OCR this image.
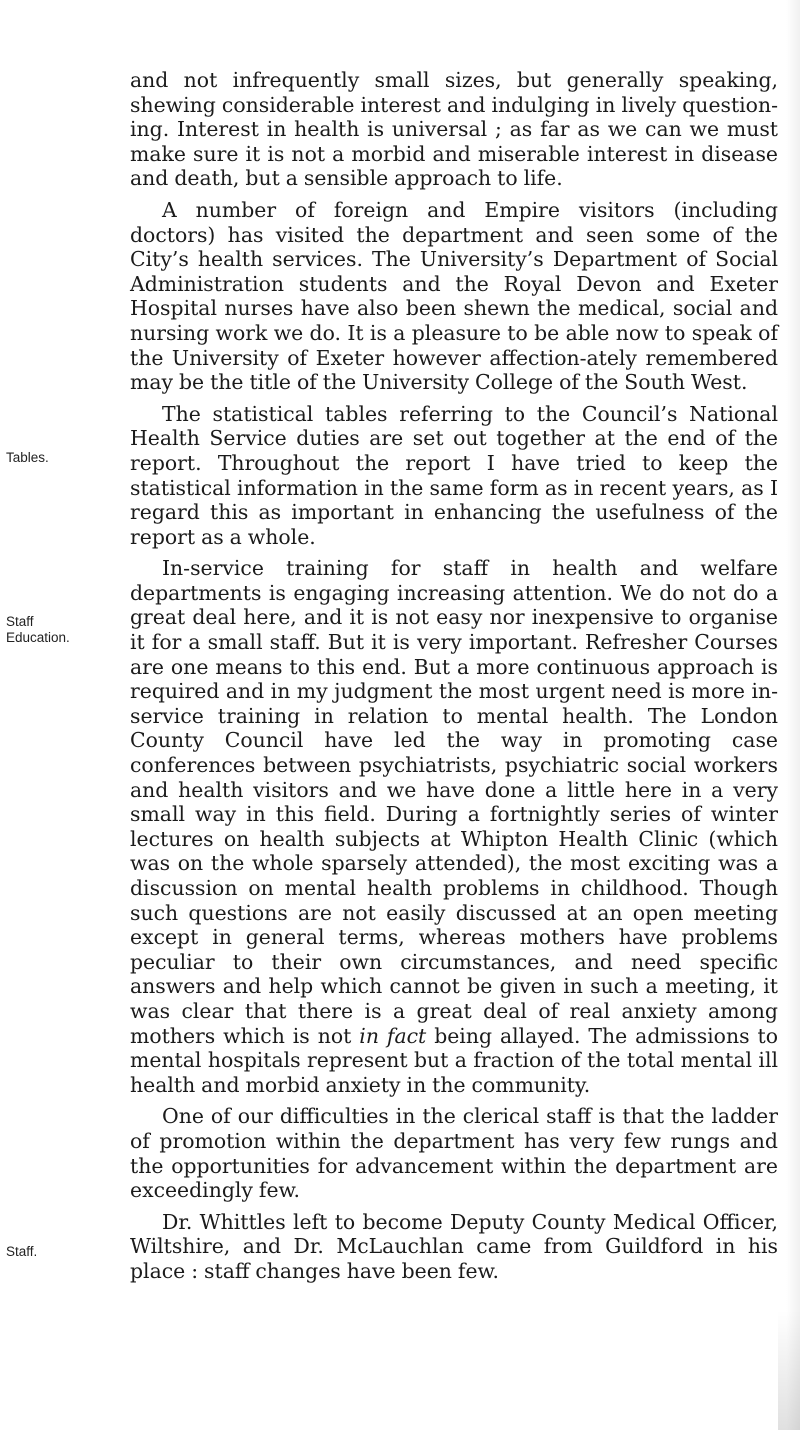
Tables.
Staff
Education.
Staff.

and not infrequently small sizes, but generally speaking, shewing considerable interest and indulging in lively question-ing. Interest in health is universal ; as far as we can we must make sure it is not a morbid and miserable interest in disease and death, but a sensible approach to life.

A number of foreign and Empire visitors (including doctors) has visited the department and seen some of the City’s health services. The University’s Department of Social Administration students and the Royal Devon and Exeter Hospital nurses have also been shewn the medical, social and nursing work we do. It is a pleasure to be able now to speak of the University of Exeter however affection-ately remembered may be the title of the University College of the South West.

The statistical tables referring to the Council’s National Health Service duties are set out together at the end of the report. Throughout the report I have tried to keep the statistical information in the same form as in recent years, as I regard this as important in enhancing the usefulness of the report as a whole.

In-service training for staff in health and welfare departments is engaging increasing attention. We do not do a great deal here, and it is not easy nor inexpensive to organise it for a small staff. But it is very important. Refresher Courses are one means to this end. But a more continuous approach is required and in my judgment the most urgent need is more in-service training in relation to mental health. The London County Council have led the way in promoting case conferences between psychiatrists, psychiatric social workers and health visitors and we have done a little here in a very small way in this field. During a fortnightly series of winter lectures on health subjects at Whipton Health Clinic (which was on the whole sparsely attended), the most exciting was a discussion on mental health problems in childhood. Though such questions are not easily discussed at an open meeting except in general terms, whereas mothers have problems peculiar to their own circumstances, and need specific answers and help which cannot be given in such a meeting, it was clear that there is a great deal of real anxiety among mothers which is not in fact being allayed. The admissions to mental hospitals represent but a fraction of the total mental ill health and morbid anxiety in the community.

One of our difficulties in the clerical staff is that the ladder of promotion within the department has very few rungs and the opportunities for advancement within the department are exceedingly few.

Dr. Whittles left to become Deputy County Medical Officer, Wiltshire, and Dr. McLauchlan came from Guildford in his place : staff changes have been few.
